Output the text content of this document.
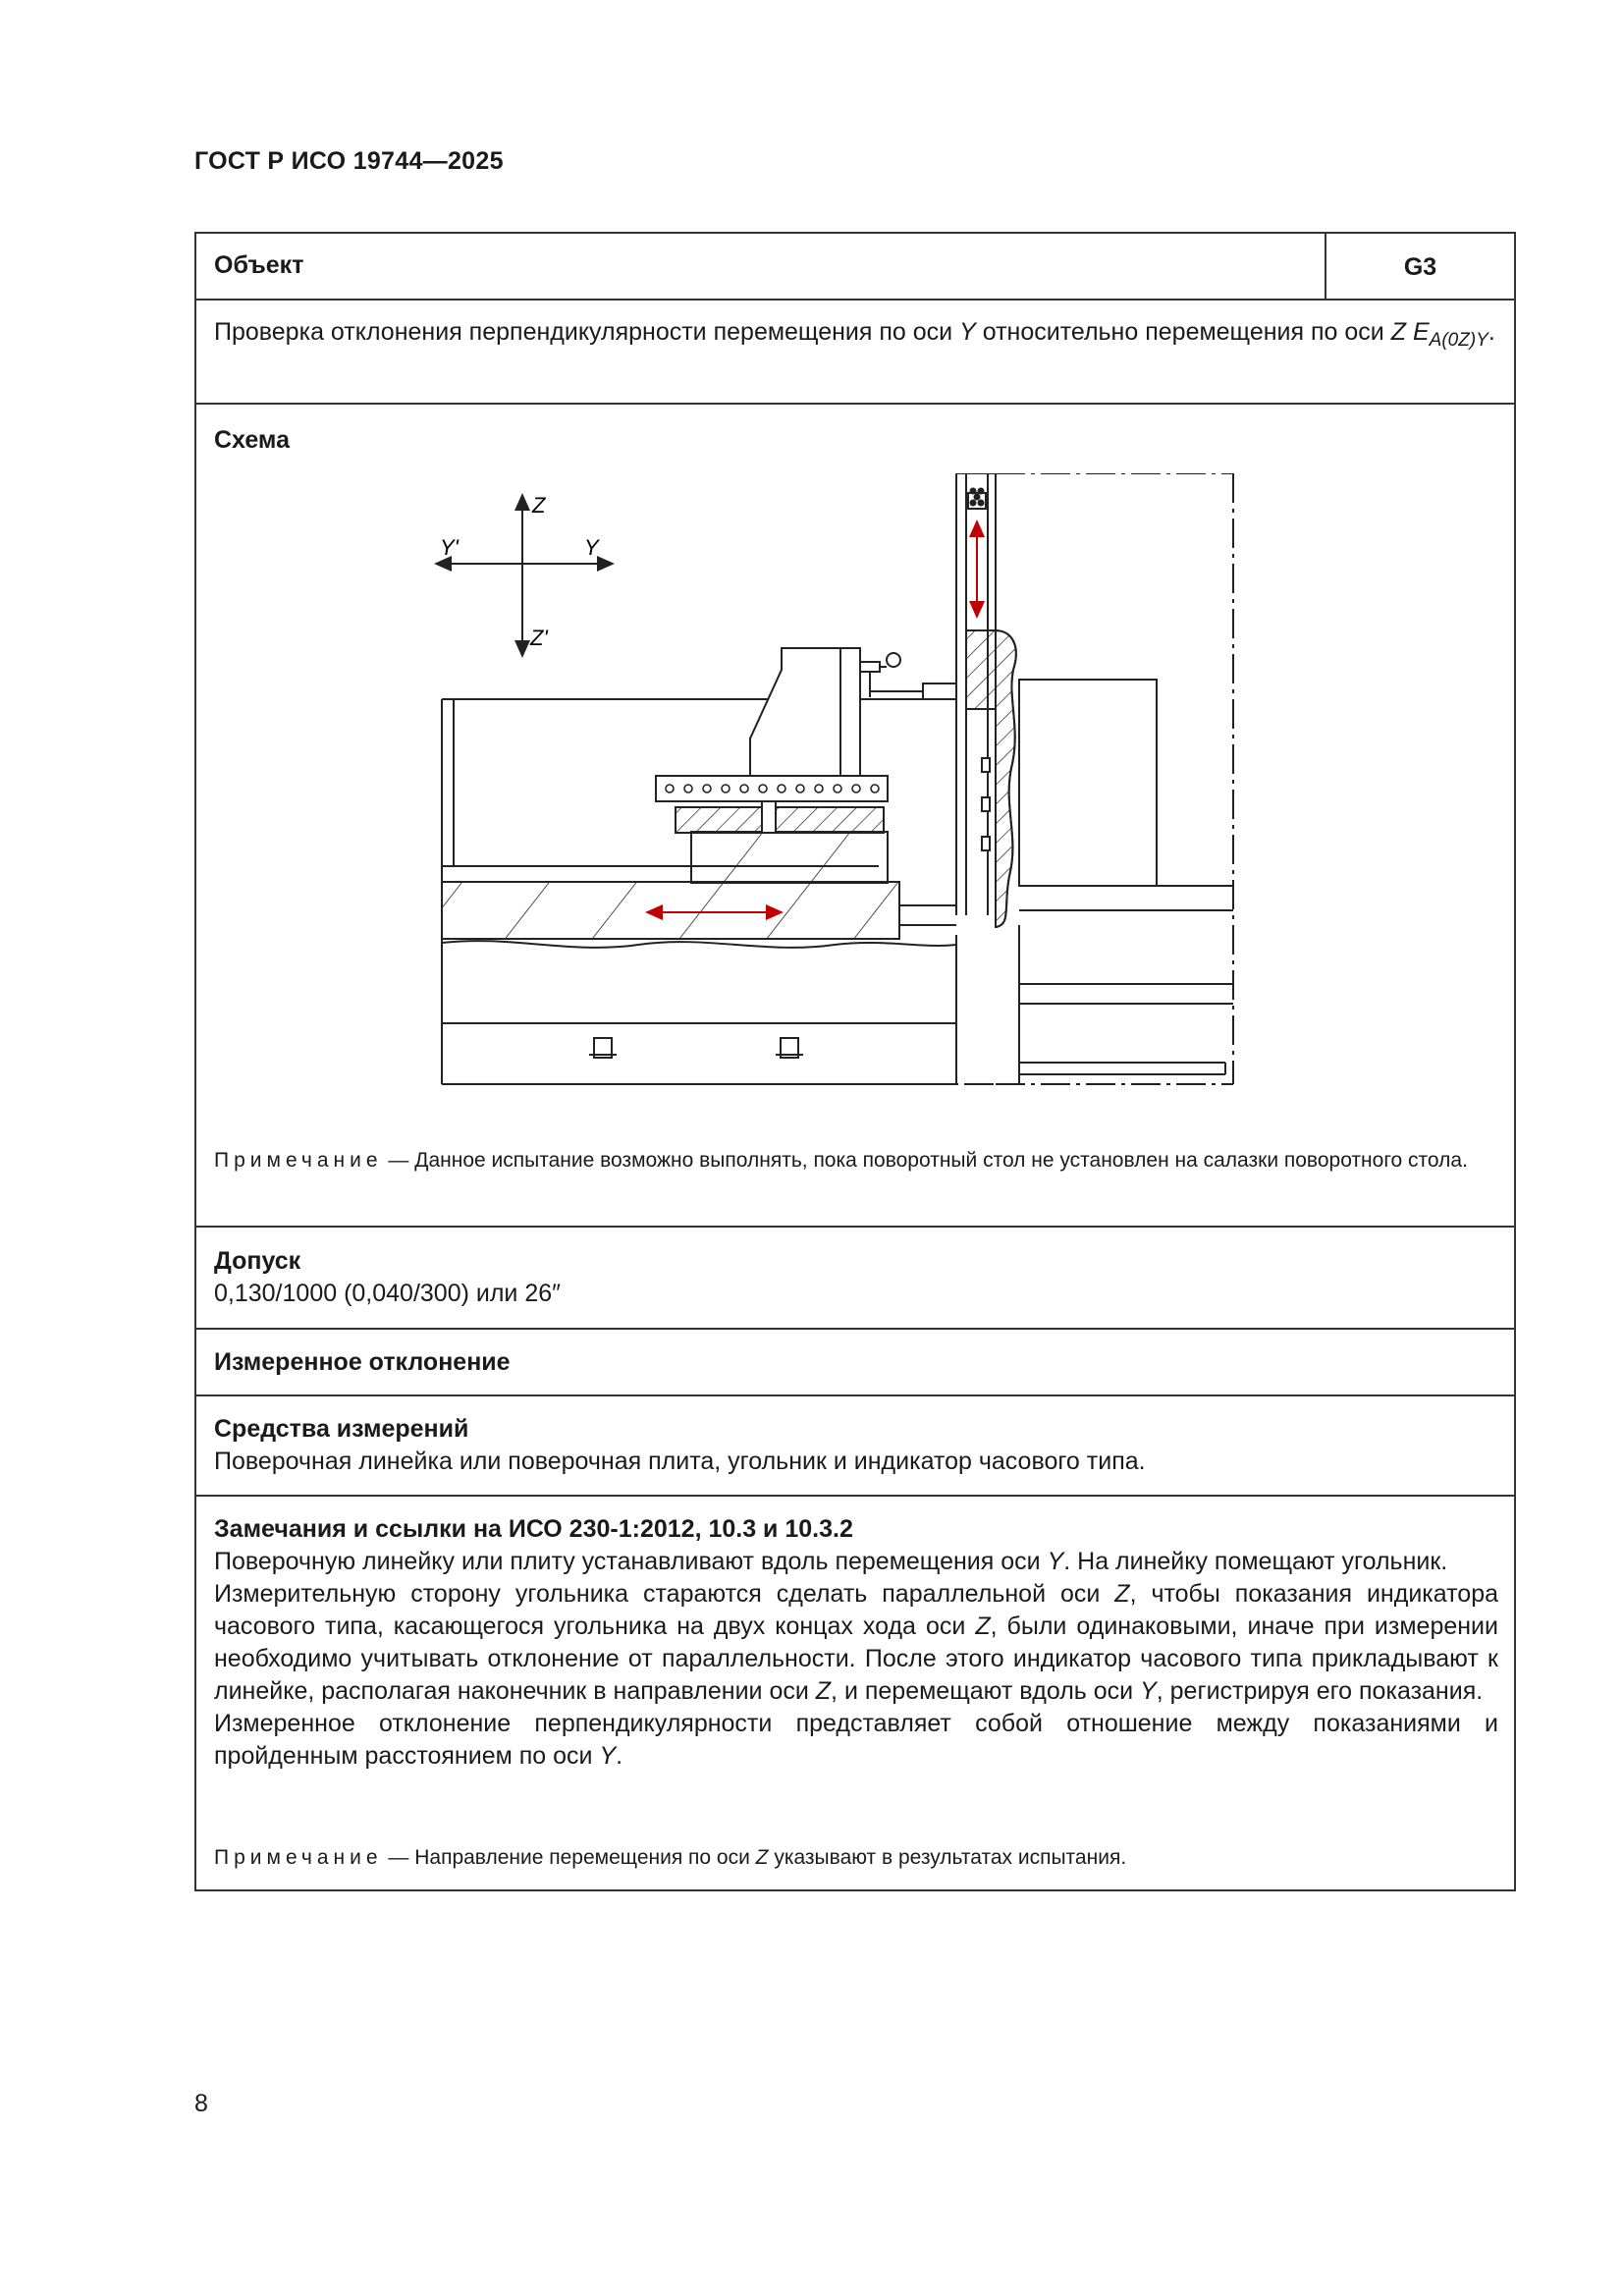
ГОСТ Р ИСО 19744—2025
Объект	G3
Проверка отклонения перпендикулярности перемещения по оси Y относительно перемещения по оси Z $E_{A(0Z)Y}$.
Схема
Z
Z'
Y
Y'
Примечание — Данное испытание возможно выполнять, пока поворотный стол не установлен на салазки поворотного стола.
Допуск
0,130/1000 (0,040/300) или 26″
Измеренное отклонение
Средства измерений
Поверочная линейка или поверочная плита, угольник и индикатор часового типа.
Замечания и ссылки на ИСО 230-1:2012, 10.3 и 10.3.2
Поверочную линейку или плиту устанавливают вдоль перемещения оси Y. На линейку помещают угольник.
Измерительную сторону угольника стараются сделать параллельной оси Z, чтобы показания индикатора часового типа, касающегося угольника на двух концах хода оси Z, были одинаковыми, иначе при измерении необходимо учитывать отклонение от параллельности. После этого индикатор часового типа прикладывают к линейке, располагая наконечник в направлении оси Z, и перемещают вдоль оси Y, регистрируя его показания.
Измеренное отклонение перпендикулярности представляет собой отношение между показаниями и пройденным расстоянием по оси Y.
Примечание — Направление перемещения по оси Z указывают в результатах испытания.
8
